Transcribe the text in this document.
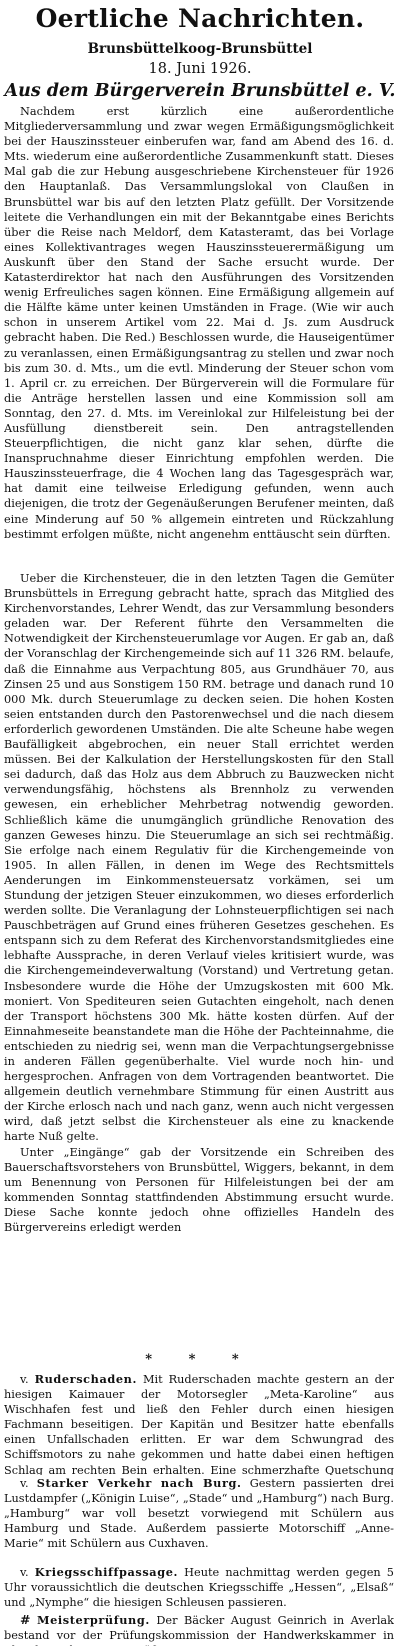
Oertliche Nachrichten.
Brunsbüttelkoog-Brunsbüttel
18. Juni 1926.
Aus dem Bürgerverein Brunsbüttel e. V.
Nachdem erst kürzlich eine außerordentliche Mitgliederversammlung und zwar wegen Ermäßigungsmöglichkeit bei der Hauszinssteuer einberufen war, fand am Abend des 16. d. Mts. wiederum eine außerordentliche Zusammenkunft statt. Dieses Mal gab die zur Hebung ausgeschriebene Kirchensteuer für 1926 den Hauptanlaß. Das Versammlungslokal von Claußen in Brunsbüttel war bis auf den letzten Platz gefüllt. Der Vorsitzende leitete die Verhandlungen ein mit der Bekanntgabe eines Berichts über die Reise nach Meldorf, dem Katasteramt, das bei Vorlage eines Kollektivantrages wegen Hauszinssteuerermäßigung um Auskunft über den Stand der Sache ersucht wurde. Der Katasterdirektor hat nach den Ausführungen des Vorsitzenden wenig Erfreuliches sagen können. Eine Ermäßigung allgemein auf die Hälfte käme unter keinen Umständen in Frage. (Wie wir auch schon in unserem Artikel vom 22. Mai d. Js. zum Ausdruck gebracht haben. Die Red.) Beschlossen wurde, die Hauseigentümer zu veranlassen, einen Ermäßigungsantrag zu stellen und zwar noch bis zum 30. d. Mts., um die evtl. Minderung der Steuer schon vom 1. April cr. zu erreichen. Der Bürgerverein will die Formulare für die Anträge herstellen lassen und eine Kommission soll am Sonntag, den 27. d. Mts. im Vereinlokal zur Hilfeleistung bei der Ausfüllung dienstbereit sein. Den antragstellenden Steuerpflichtigen, die nicht ganz klar sehen, dürfte die Inanspruchnahme dieser Einrichtung empfohlen werden. Die Hauszinssteuerfrage, die 4 Wochen lang das Tagesgespräch war, hat damit eine teilweise Erledigung gefunden, wenn auch diejenigen, die trotz der Gegenäußerungen Berufener meinten, daß eine Minderung auf 50 % allgemein eintreten und Rückzahlung bestimmt erfolgen müßte, nicht angenehm enttäuscht sein dürften.
Ueber die Kirchensteuer, die in den letzten Tagen die Gemüter Brunsbüttels in Erregung gebracht hatte, sprach das Mitglied des Kirchenvorstandes, Lehrer Wendt, das zur Versammlung besonders geladen war. Der Referent führte den Versammelten die Notwendigkeit der Kirchensteuerumlage vor Augen. Er gab an, daß der Voranschlag der Kirchengemeinde sich auf 11 326 RM. belaufe, daß die Einnahme aus Verpachtung 805, aus Grundhäuer 70, aus Zinsen 25 und aus Sonstigem 150 RM. betrage und danach rund 10 000 Mk. durch Steuerumlage zu decken seien. Die hohen Kosten seien entstanden durch den Pastorenwechsel und die nach diesem erforderlich gewordenen Umständen. Die alte Scheune habe wegen Baufälligkeit abgebrochen, ein neuer Stall errichtet werden müssen. Bei der Kalkulation der Herstellungskosten für den Stall sei dadurch, daß das Holz aus dem Abbruch zu Bauzwecken nicht verwendungsfähig, höchstens als Brennholz zu verwenden gewesen, ein erheblicher Mehrbetrag notwendig geworden. Schließlich käme die unumgänglich gründliche Renovation des ganzen Geweses hinzu. Die Steuerumlage an sich sei rechtmäßig. Sie erfolge nach einem Regulativ für die Kirchengemeinde von 1905. In allen Fällen, in denen im Wege des Rechtsmittels Aenderungen im Einkommensteuersatz vorkämen, sei um Stundung der jetzigen Steuer einzukommen, wo dieses erforderlich werden sollte. Die Veranlagung der Lohnsteuerpflichtigen sei nach Pauschbeträgen auf Grund eines früheren Gesetzes geschehen. Es entspann sich zu dem Referat des Kirchenvorstandsmitgliedes eine lebhafte Aussprache, in deren Verlauf vieles kritisiert wurde, was die Kirchengemeindeverwaltung (Vorstand) und Vertretung getan. Insbesondere wurde die Höhe der Umzugskosten mit 600 Mk. moniert. Von Spediteuren seien Gutachten eingeholt, nach denen der Transport höchstens 300 Mk. hätte kosten dürfen. Auf der Einnahmeseite beanstandete man die Höhe der Pachteinnahme, die entschieden zu niedrig sei, wenn man die Verpachtungsergebnisse in anderen Fällen gegenüberhalte. Viel wurde noch hin- und hergesprochen. Anfragen von dem Vortragenden beantwortet. Die allgemein deutlich vernehmbare Stimmung für einen Austritt aus der Kirche erlosch nach und nach ganz, wenn auch nicht vergessen wird, daß jetzt selbst die Kirchensteuer als eine zu knackende harte Nuß gelte.
Unter „Eingänge“ gab der Vorsitzende ein Schreiben des Bauerschaftsvorstehers von Brunsbüttel, Wiggers, bekannt, in dem um Benennung von Personen für Hilfeleistungen bei der am kommenden Sonntag stattfindenden Abstimmung ersucht wurde. Diese Sache konnte jedoch ohne offizielles Handeln des Bürgervereins erledigt werden
* * *
v. Ruderschaden. Mit Ruderschaden machte gestern an der hiesigen Kaimauer der Motorsegler „Meta-Karoline“ aus Wischhafen fest und ließ den Fehler durch einen hiesigen Fachmann beseitigen. Der Kapitän und Besitzer hatte ebenfalls einen Unfallschaden erlitten. Er war dem Schwungrad des Schiffsmotors zu nahe gekommen und hatte dabei einen heftigen Schlag am rechten Bein erhalten. Eine schmerzhafte Quetschung
v. Starker Verkehr nach Burg. Gestern passierten drei Lustdampfer („Königin Luise“, „Stade“ und „Hamburg“) nach Burg. „Hamburg“ war voll besetzt vorwiegend mit Schülern aus Hamburg und Stade. Außerdem passierte Motorschiff „Anne-Marie“ mit Schülern aus Cuxhaven.
v. Kriegsschiffpassage. Heute nachmittag werden gegen 5 Uhr voraussichtlich die deutschen Kriegsschiffe „Hessen“, „Elsaß“ und „Nymphe“ die hiesigen Schleusen passieren.
# Meisterprüfung. Der Bäcker August Geinrich in Averlak bestand vor der Prüfungskommission der Handwerkskammer in
